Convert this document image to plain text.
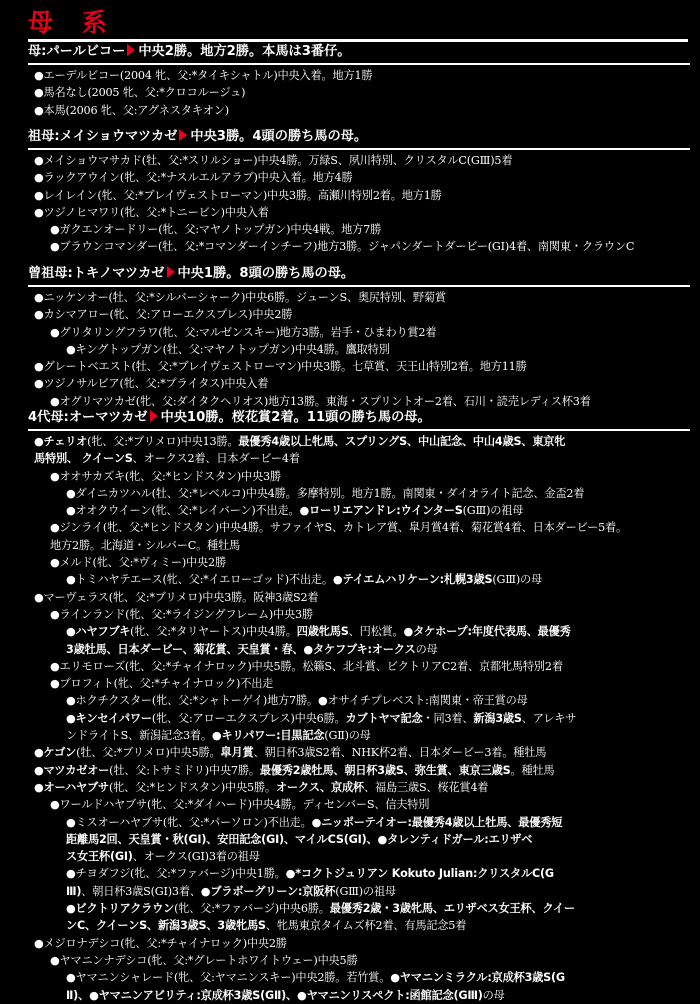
母 系
母:パールビコー 中央2勝。地方2勝。本馬は3番仔。
●エーデルビコー(2004 牝、父:*タイキシャトル)中央入着。地方1勝
●馬名なし(2005 牝、父:*クロコルージュ)
●本馬(2006 牝、父:アグネスタキオン)
祖母:メイショウマツカゼ 中央3勝。4頭の勝ち馬の母。
●メイショウマサカド(牡、父:*スリルショー)中央4勝。万緑S、夙川特別、クリスタルC(GⅢ)5着
●ラックアウイン(牝、父:*ナスルエルアラブ)中央入着。地方4勝
●レイレイン(牝、父:*ブレイヴェストローマン)中央3勝。高瀬川特別2着。地方1勝
●ツジノヒマワリ(牝、父:*トニービン)中央入着
●ガクエンオードリー(牝、父:マヤノトップガン)中央4戦。地方7勝
●ブラウンコマンダー(牡、父:*コマンダーインチーフ)地方3勝。ジャパンダートダービー(GⅠ)4着、南関東・クラウンC
曾祖母:トキノマツカゼ 中央1勝。8頭の勝ち馬の母。
●ニッケンオー(牡、父:*シルバーシャーク)中央6勝。ジューンS、奥尻特別、野菊賞
●カシマアロー(牝、父:アローエクスプレス)中央2勝
●グリタリングフラワ(牝、父:マルゼンスキー)地方3勝。岩手・ひまわり賞2着
●キングトップガン(牡、父:マヤノトップガン)中央4勝。鷹取特別
●グレートベエスト(牡、父:*ブレイヴェストローマン)中央3勝。七草賞、天王山特別2着。地方11勝
●ツジノサルビア(牝、父:*プライタス)中央入着
●オグリマツカゼ(牝、父:ダイタクヘリオス)地方13勝。東海・スプリントオー2着、石川・読売レディス杯3着
4代母:オーマツカゼ 中央10勝。桜花賞2着。11頭の勝ち馬の母。
●チェリオ(牝、父:*ブリメロ)中央13勝。最優秀4歳以上牝馬、スプリングS、中山記念、中山4歳S、東京牝
馬特別、 クイーンS、オークス2着、日本ダービー4着
●オオサカズキ(牝、父:*ヒンドスタン)中央3勝
●ダイニカツハル(牡、父:*レベルコ)中央4勝。多摩特別。地方1勝。南関東・ダイオライト記念、金盃2着
●オオクウイーン(牝、父:*レイバーン)不出走。●ローリエアンドレ:ウインターS(GⅢ)の祖母
●ジンライ(牝、父:*ヒンドスタン)中央4勝。サファイヤS、カトレア賞、皐月賞4着、菊花賞4着、日本ダービー5着。
地方2勝。北海道・シルバーC。種牡馬
●メルド(牝、父:*ヴィミー)中央2勝
●トミハヤテエース(牝、父:*イエローゴッド)不出走。●テイエムハリケーン:札幌3歳S(GⅢ)の母
●マーヴェラス(牝、父:*ブリメロ)中央3勝。阪神3歳S2着
●ラインランド(牝、父:*ライジングフレーム)中央3勝
●ハヤフブキ(牝、父:*タリヤートス)中央4勝。四歳牝馬S、円松賞。●タケホープ:年度代表馬、最優秀
3歳牡馬、日本ダービー、菊花賞、天皇賞・春、●タケフブキ:オークスの母
●エリモローズ(牝、父:*チャイナロック)中央5勝。松籟S、北斗賞、ビクトリアC2着、京都牝馬特別2着
●プロフィト(牝、父:*チャイナロック)不出走
●ホクチクスター(牝、父:*シャトーゲイ)地方7勝。●オサイチプレベスト:南関東・帝王賞の母
●キンセイパワー(牝、父:アローエクスプレス)中央6勝。カブトヤマ記念・同3着、新潟3歳S、アレキサ
ンドライトS、新潟記念3着。●キリパワー:目黒記念(GⅡ)の母
●ケゴン(牡、父:*ブリメロ)中央5勝。皐月賞、朝日杯3歳S2着、NHK杯2着、日本ダービー3着。種牡馬
●マツカゼオー(牡、父:トサミドリ)中央7勝。最優秀2歳牡馬、朝日杯3歳S、弥生賞、東京三歳S。種牡馬
●オーハヤブサ(牝、父:*ヒンドスタン)中央5勝。オークス、京成杯、福島三歳S、桜花賞4着
●ワールドハヤブサ(牝、父:*ダイハード)中央4勝。ディセンバーS、信夫特別
●ミスオーハヤブサ(牝、父:*パーソロン)不出走。●ニッポーテイオー:最優秀4歳以上牡馬、最優秀短
距離馬2回、天皇賞・秋(GⅠ)、安田記念(GⅠ)、マイルCS(GⅠ)、●タレンティドガール:エリザベ
ス女王杯(GⅠ)、オークス(GⅠ)3着の祖母
●チヨダフジ(牝、父:*ファバージ)中央1勝。●*コクトジュリアン Kokuto Julian:クリスタルC(G
Ⅲ)、朝日杯3歳S(GⅠ)3着、●ブラボーグリーン:京阪杯(GⅢ)の祖母
●ビクトリアクラウン(牝、父:*ファバージ)中央6勝。最優秀2歳・3歳牝馬、エリザベス女王杯、クイー
ンC、クイーンS、新潟3歳S、3歳牝馬S、牝馬東京タイムズ杯2着、有馬記念5着
●メジロナデシコ(牝、父:*チャイナロック)中央2勝
●ヤマニンナデシコ(牝、父:*グレートホワイトウェー)中央5勝
●ヤマニンシャレード(牝、父:ヤマニンスキー)中央2勝。若竹賞。●ヤマニンミラクル:京成杯3歳S(G
Ⅱ)、●ヤマニンアビリティ:京成杯3歳S(GⅡ)、●ヤマニンリスペクト:函館記念(GⅢ)の母
